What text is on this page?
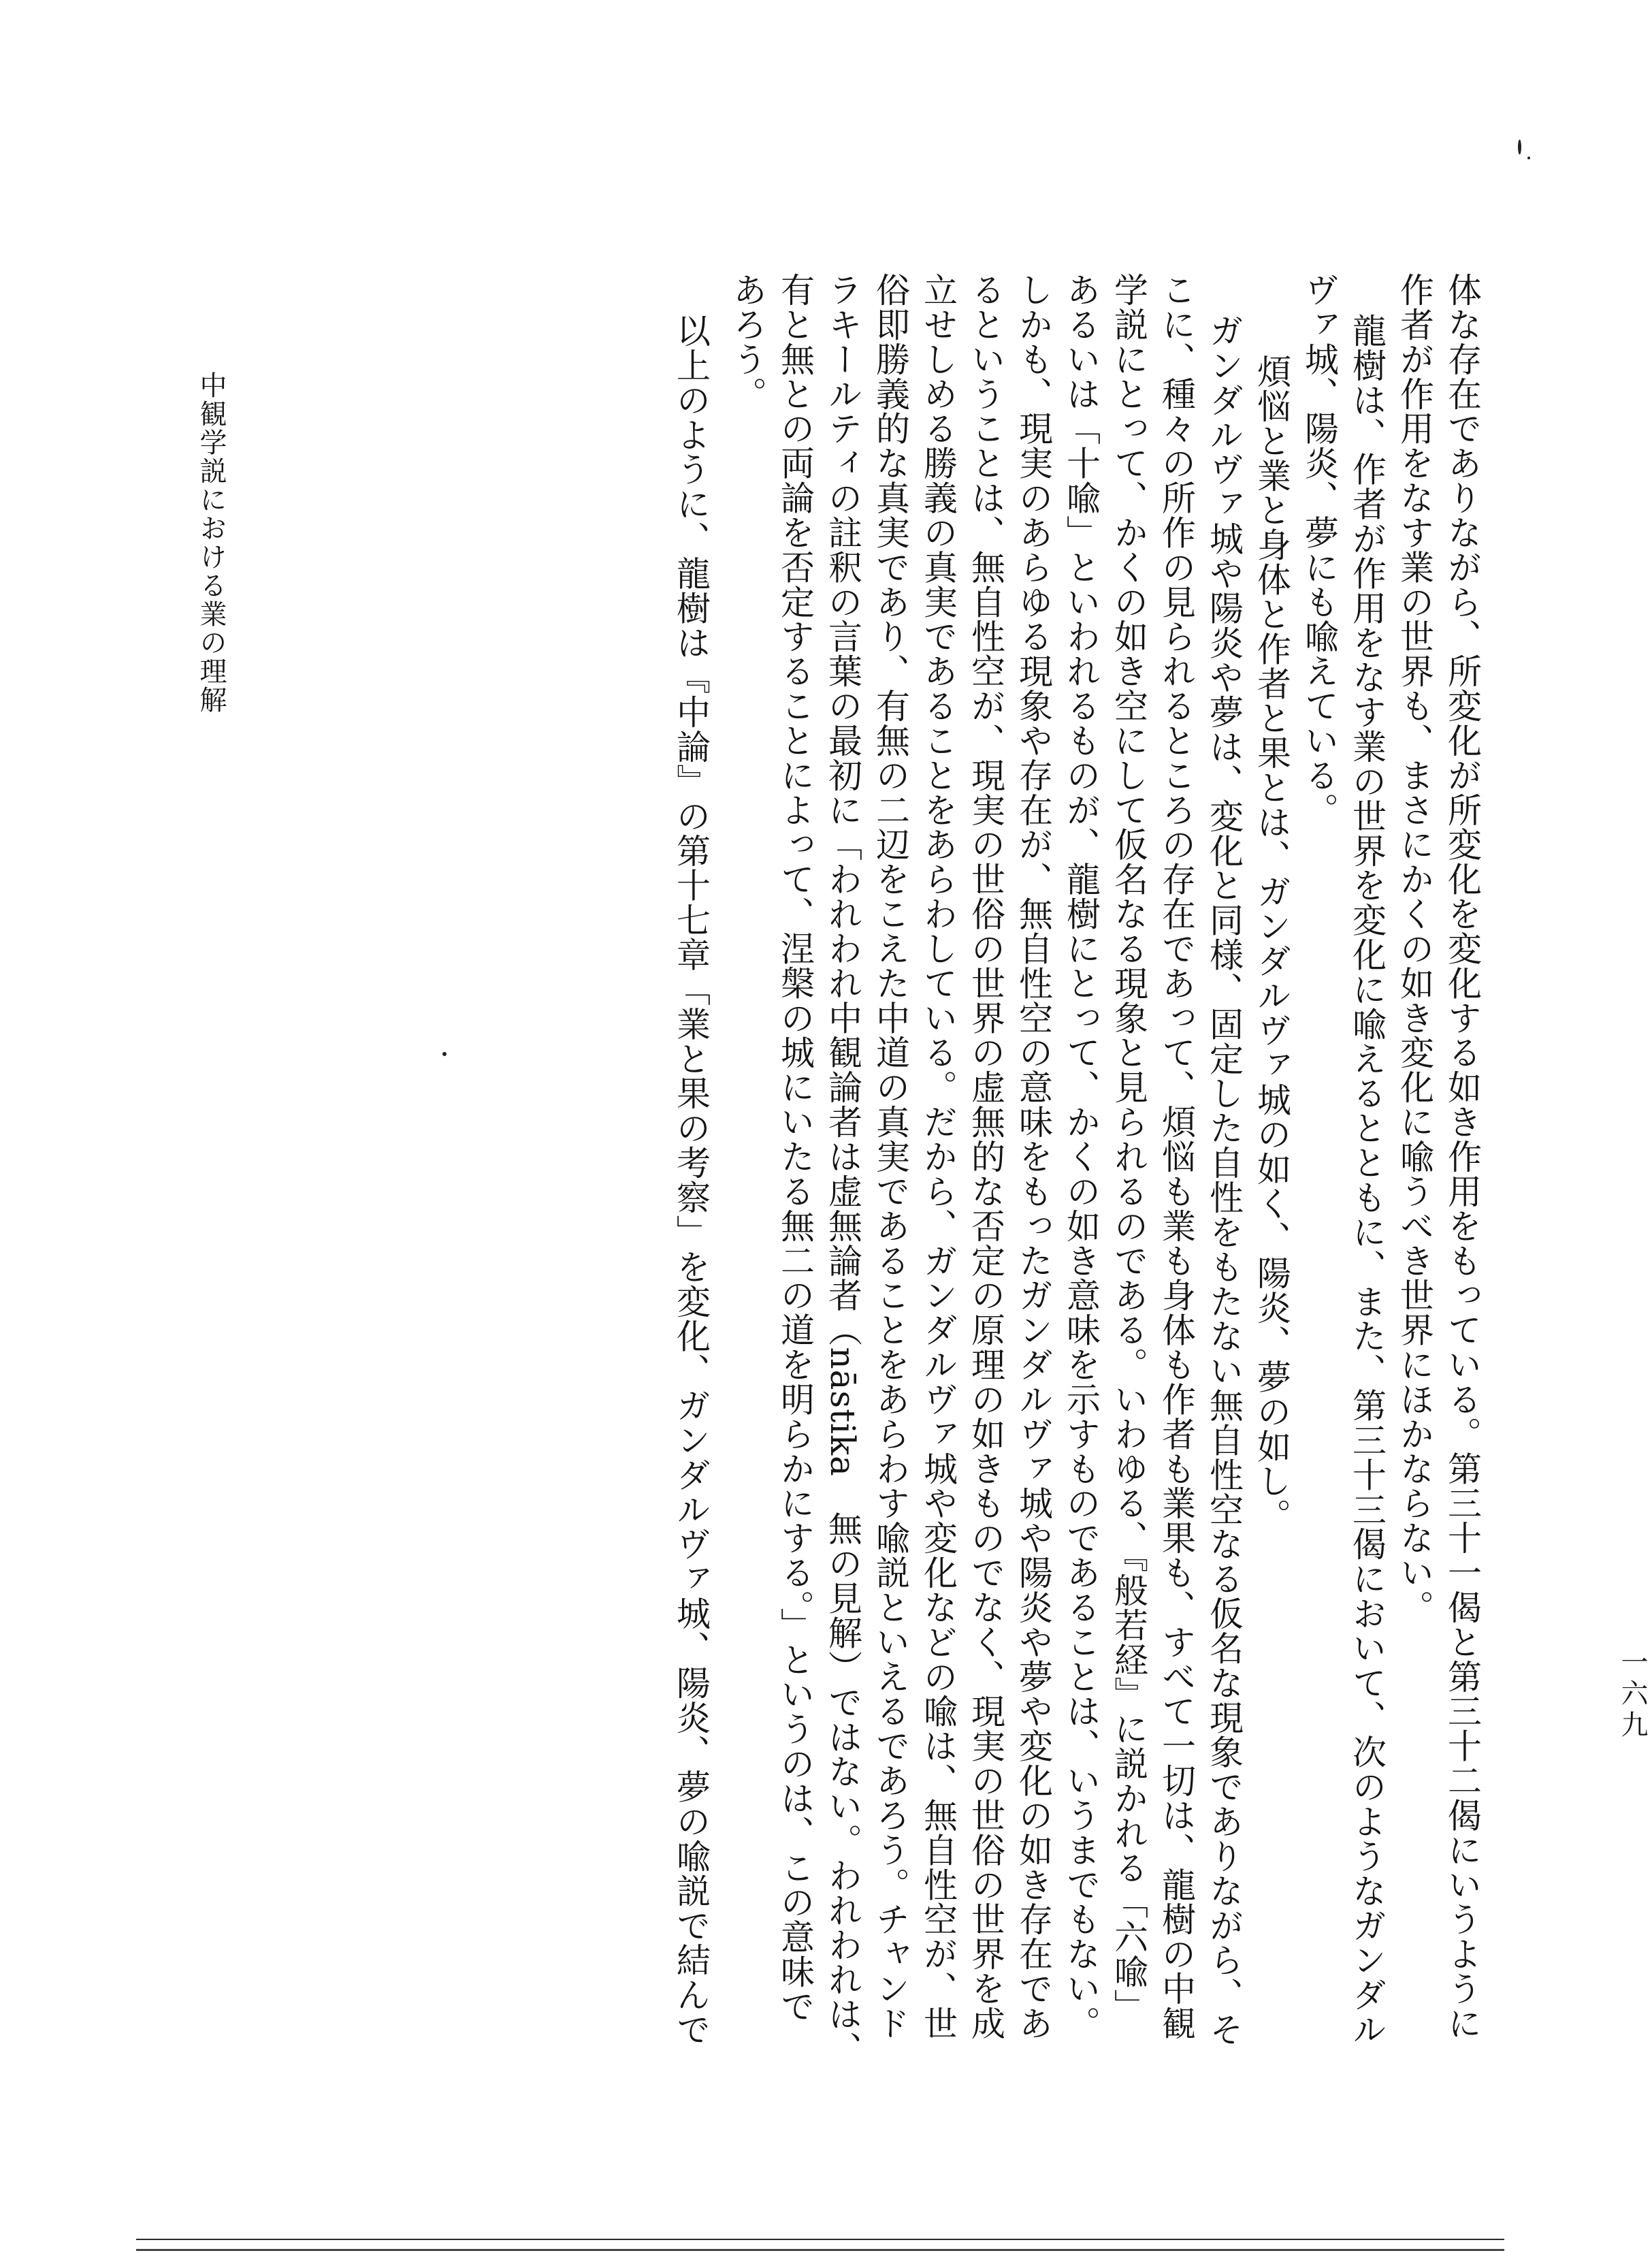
体な存在でありながら、所変化が所変化を変化する如き作用をもっている。第三十一偈と第三十二偈にいうように
作者が作用をなす業の世界も、まさにかくの如き変化に喩うべき世界にほかならない。
龍樹は、作者が作用をなす業の世界を変化に喩えるとともに、また、第三十三偈において、次のようなガンダル
ヴァ城、陽炎、夢にも喩えている。
煩悩と業と身体と作者と果とは、ガンダルヴァ城の如く、陽炎、夢の如し。
ガンダルヴァ城や陽炎や夢は、変化と同様、固定した自性をもたない無自性空なる仮名な現象でありながら、そ
こに、種々の所作の見られるところの存在であって、煩悩も業も身体も作者も業果も、すべて一切は、龍樹の中観
学説にとって、かくの如き空にして仮名なる現象と見られるのである。いわゆる、『般若経』に説かれる「六喩」
あるいは「十喩」といわれるものが、龍樹にとって、かくの如き意味を示すものであることは、いうまでもない。
しかも、現実のあらゆる現象や存在が、無自性空の意味をもったガンダルヴァ城や陽炎や夢や変化の如き存在であ
るということは、無自性空が、現実の世俗の世界の虚無的な否定の原理の如きものでなく、現実の世俗の世界を成
立せしめる勝義の真実であることをあらわしている。だから、ガンダルヴァ城や変化などの喩は、無自性空が、世
俗即勝義的な真実であり、有無の二辺をこえた中道の真実であることをあらわす喩説といえるであろう。チャンド
ラキールティの註釈の言葉の最初に「われわれ中観論者は虚無論者（nāstika　無の見解）ではない。われわれは、
有と無との両論を否定することによって、涅槃の城にいたる無二の道を明らかにする。」というのは、この意味で
あろう。
以上のように、龍樹は『中論』の第十七章「業と果の考察」を変化、ガンダルヴァ城、陽炎、夢の喩説で結んで
中観学説における業の理解
一六九
